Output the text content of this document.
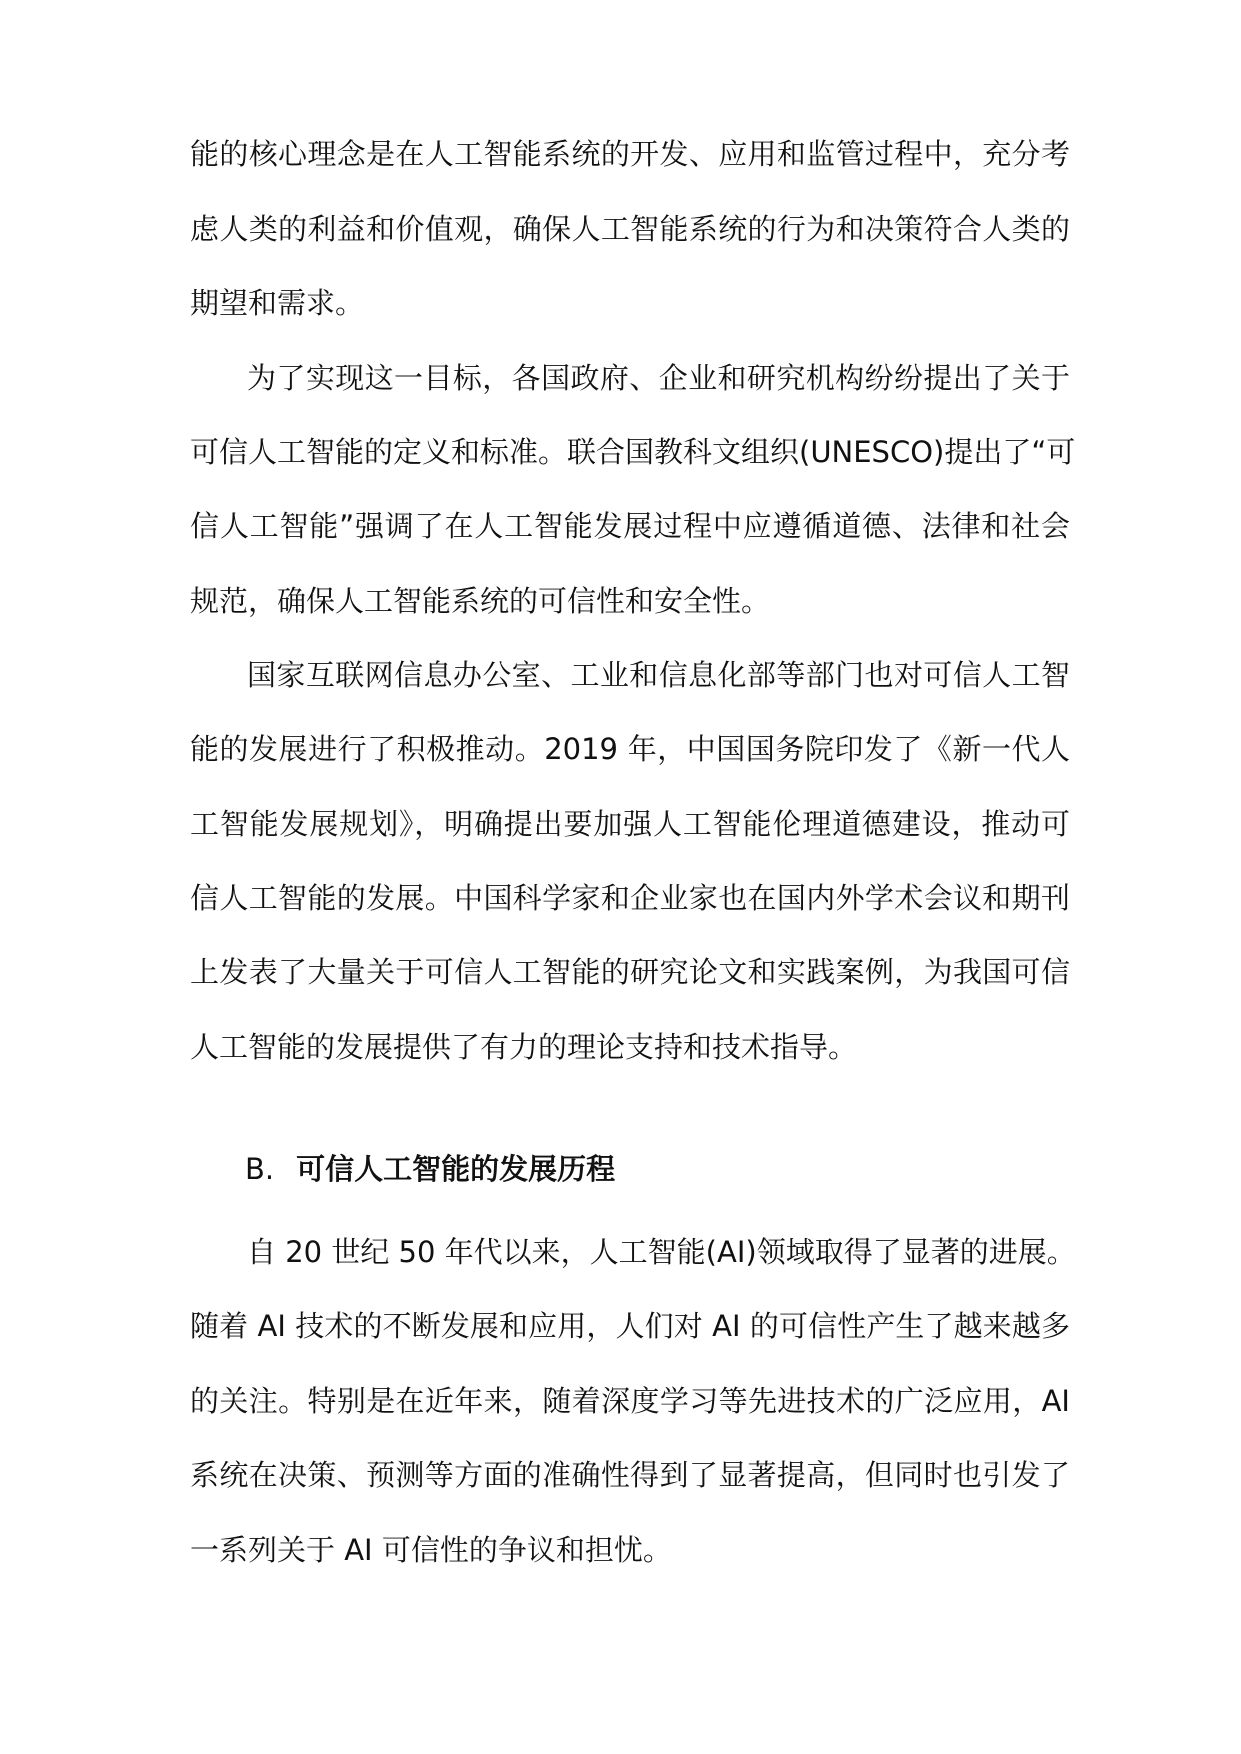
能的核心理念是在人工智能系统的开发、应用和监管过程中，充分考
虑人类的利益和价值观，确保人工智能系统的行为和决策符合人类的
期望和需求。
为了实现这一目标，各国政府、企业和研究机构纷纷提出了关于
可信人工智能的定义和标准。联合国教科文组织(UNESCO)提出了“可
信人工智能”强调了在人工智能发展过程中应遵循道德、法律和社会
规范，确保人工智能系统的可信性和安全性。
国家互联网信息办公室、工业和信息化部等部门也对可信人工智
能的发展进行了积极推动。2019 年，中国国务院印发了《新一代人
工智能发展规划》，明确提出要加强人工智能伦理道德建设，推动可
信人工智能的发展。中国科学家和企业家也在国内外学术会议和期刊
上发表了大量关于可信人工智能的研究论文和实践案例，为我国可信
人工智能的发展提供了有力的理论支持和技术指导。
B. 可信人工智能的发展历程
自 20 世纪 50 年代以来，人工智能(AI)领域取得了显著的进展。
随着 AI 技术的不断发展和应用，人们对 AI 的可信性产生了越来越多
的关注。特别是在近年来，随着深度学习等先进技术的广泛应用，AI
系统在决策、预测等方面的准确性得到了显著提高，但同时也引发了
一系列关于 AI 可信性的争议和担忧。
